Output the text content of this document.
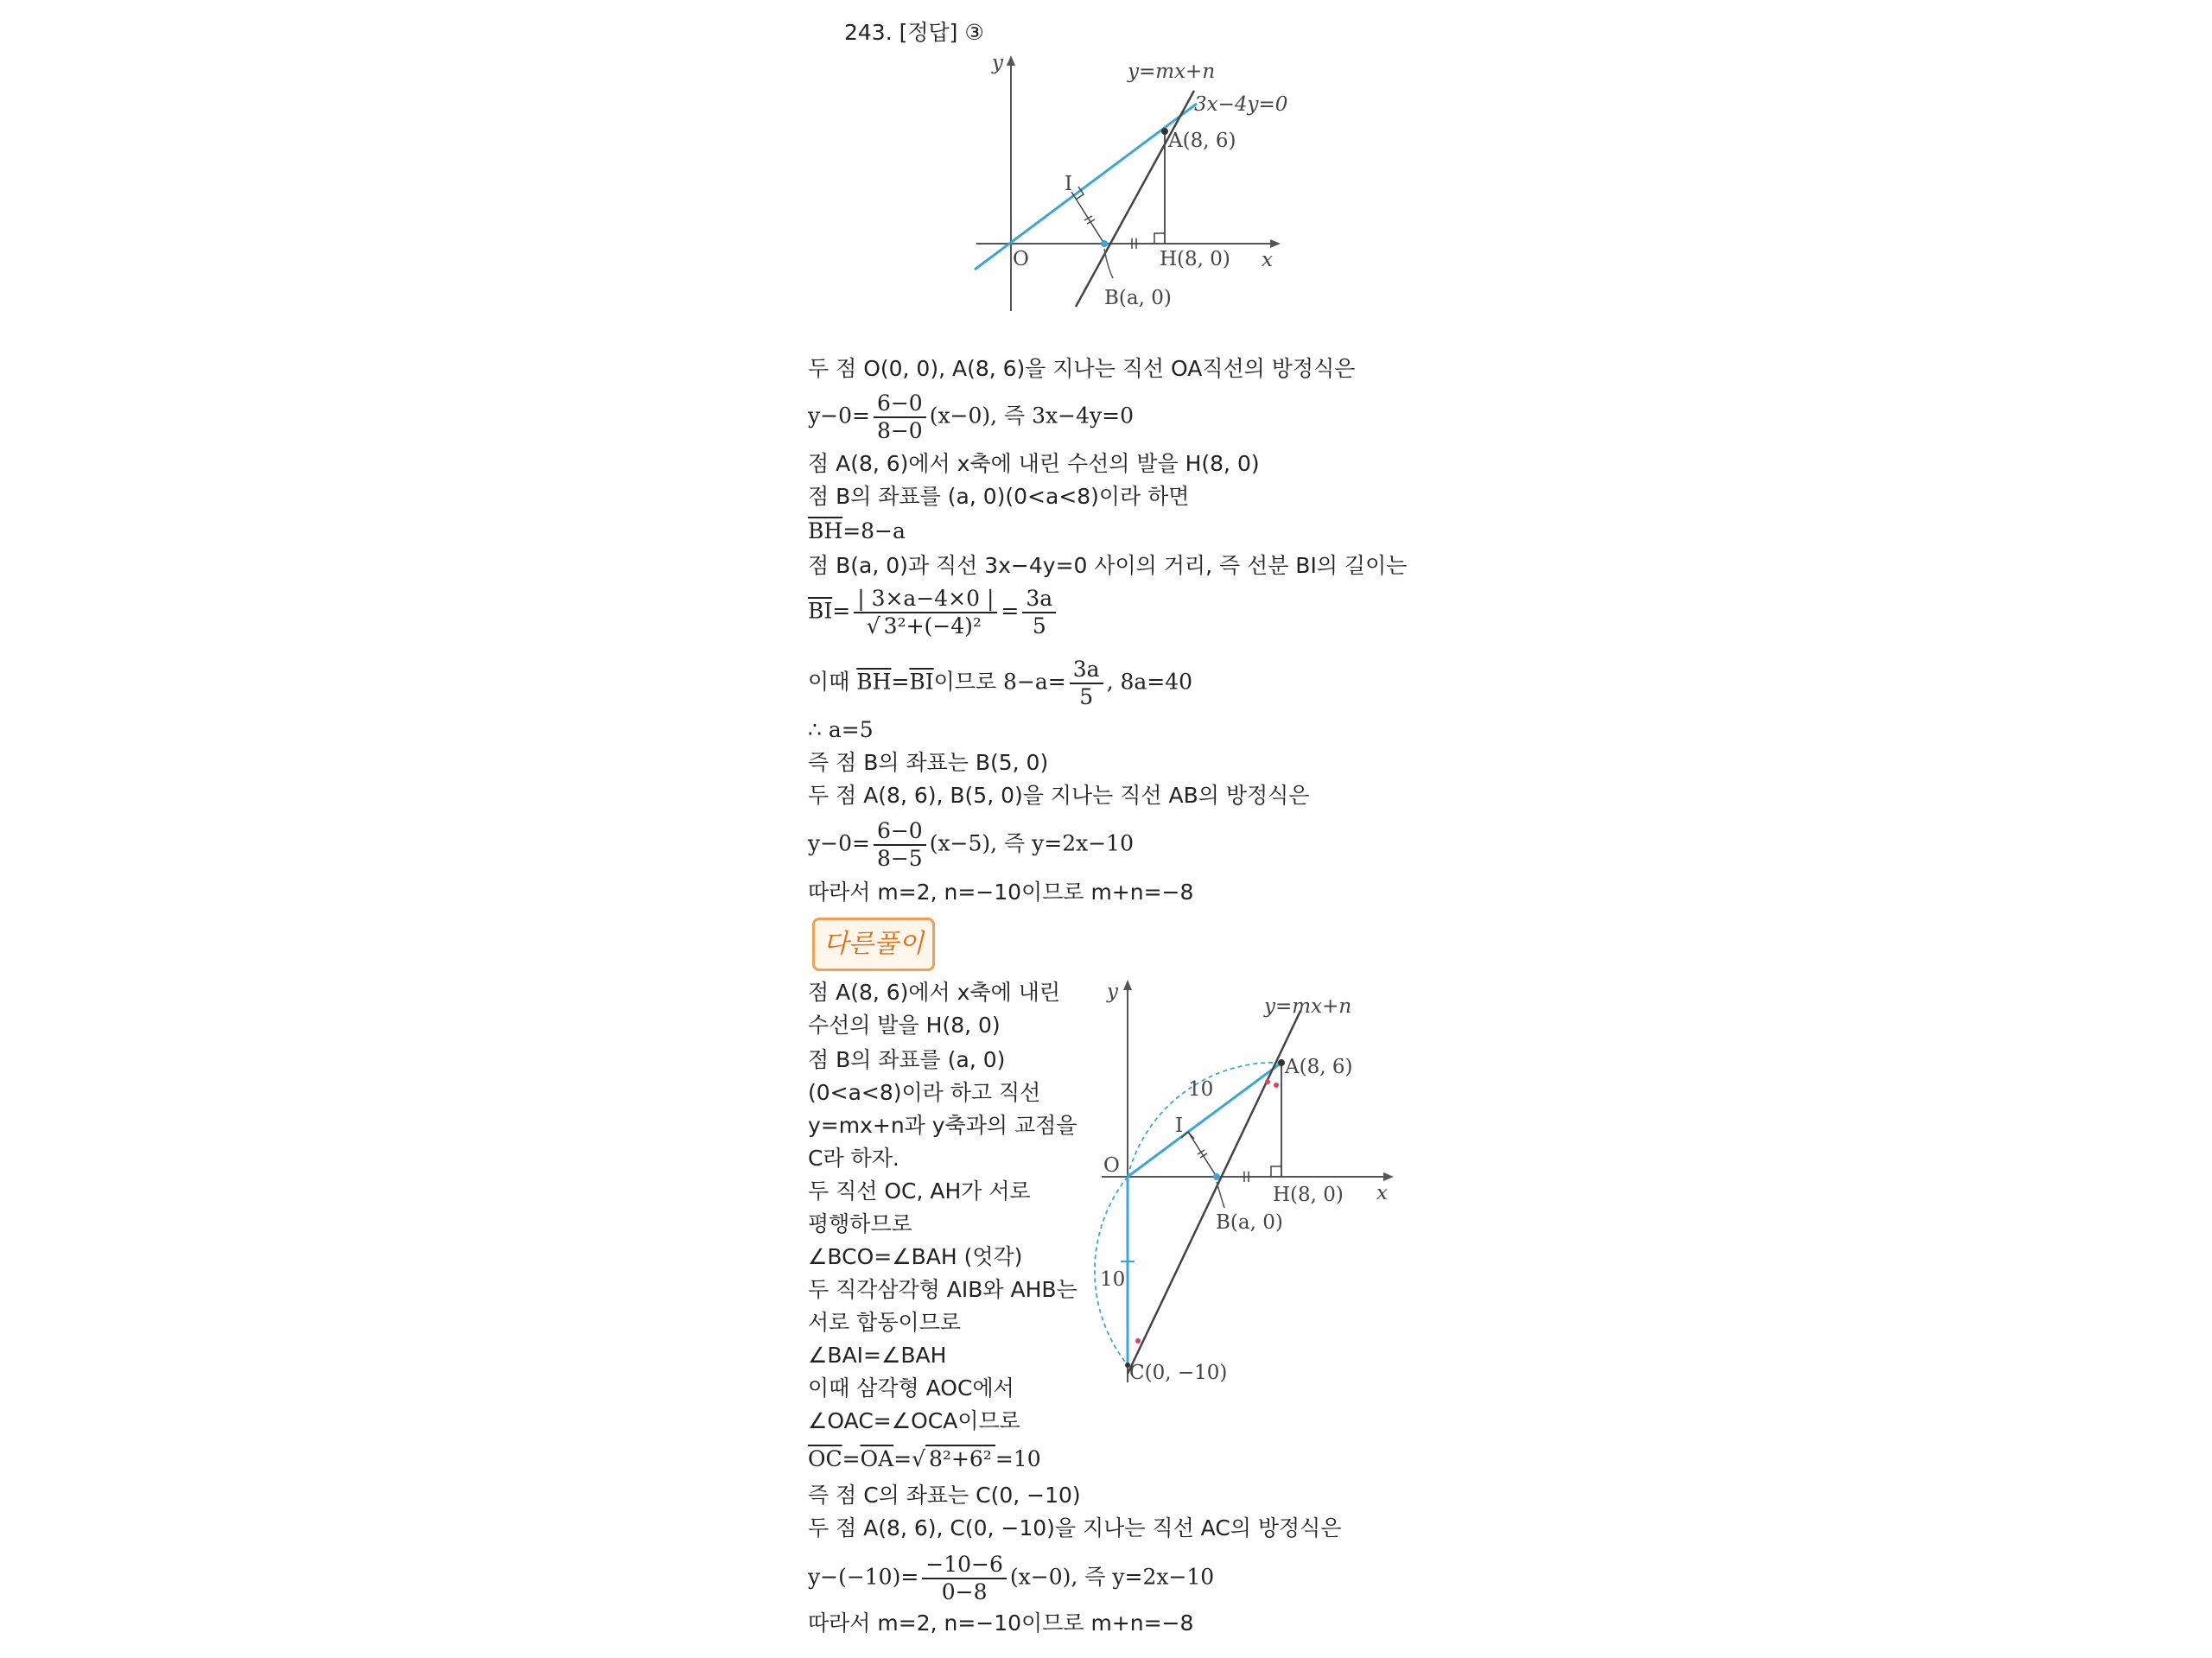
243. [정답] ③
y
x
O
y=mx+n
3x−4y=0
A(8, 6)
I
H(8, 0)
B(a, 0)
두 점 O(0, 0), A(8, 6)을 지나는 직선 OA직선의 방정식은
$y-0= \frac{6-0}{8-0} (x-0)$, 즉 3x−4y=0
점 A(8, 6)에서 x축에 내린 수선의 발을 H(8, 0)
점 B의 좌표를 (a, 0)(0<a<8)이라 하면
$\overline{BH}=8-a$
점 B(a, 0)과 직선 3x−4y=0 사이의 거리, 즉 선분 BI의 길이는
$\overline{BI}= \frac{| 3\times a-4\times 0 |}{\text{√ 3²+(−4)²}} = \frac{3a}{5}$
이때 $\overline{BH}=\overline{BI}$이므로 $8-a= \frac{3a}{5}$ , 8a=40
∴ a=5
즉 점 B의 좌표는 B(5, 0)
두 점 A(8, 6), B(5, 0)을 지나는 직선 AB의 방정식은
$y-0= \frac{6-0}{8-5} (x-5)$, 즉 y=2x−10
따라서 m=2, n=−10이므로 m+n=−8
다른풀이
점 A(8, 6)에서 x축에 내린
수선의 발을 H(8, 0)
점 B의 좌표를 (a, 0)
(0<a<8)이라 하고 직선
y=mx+n과 y축과의 교점을
C라 하자.
두 직선 OC, AH가 서로
평행하므로
∠BCO=∠BAH (엇각)
두 직각삼각형 AIB와 AHB는
서로 합동이므로
∠BAI=∠BAH
이때 삼각형 AOC에서
∠OAC=∠OCA이므로
$\overline{OC}=\overline{OA}=√$ 8²+6² =10
즉 점 C의 좌표는 C(0, −10)
두 점 A(8, 6), C(0, −10)을 지나는 직선 AC의 방정식은
$y-(-10)= \frac{-10-6}{0-8} (x-0)$, 즉 y=2x−10
따라서 m=2, n=−10이므로 m+n=−8
y
x
O
y=mx+n
A(8, 6)
I
H(8, 0)
B(a, 0)
C(0, −10)
10
10
